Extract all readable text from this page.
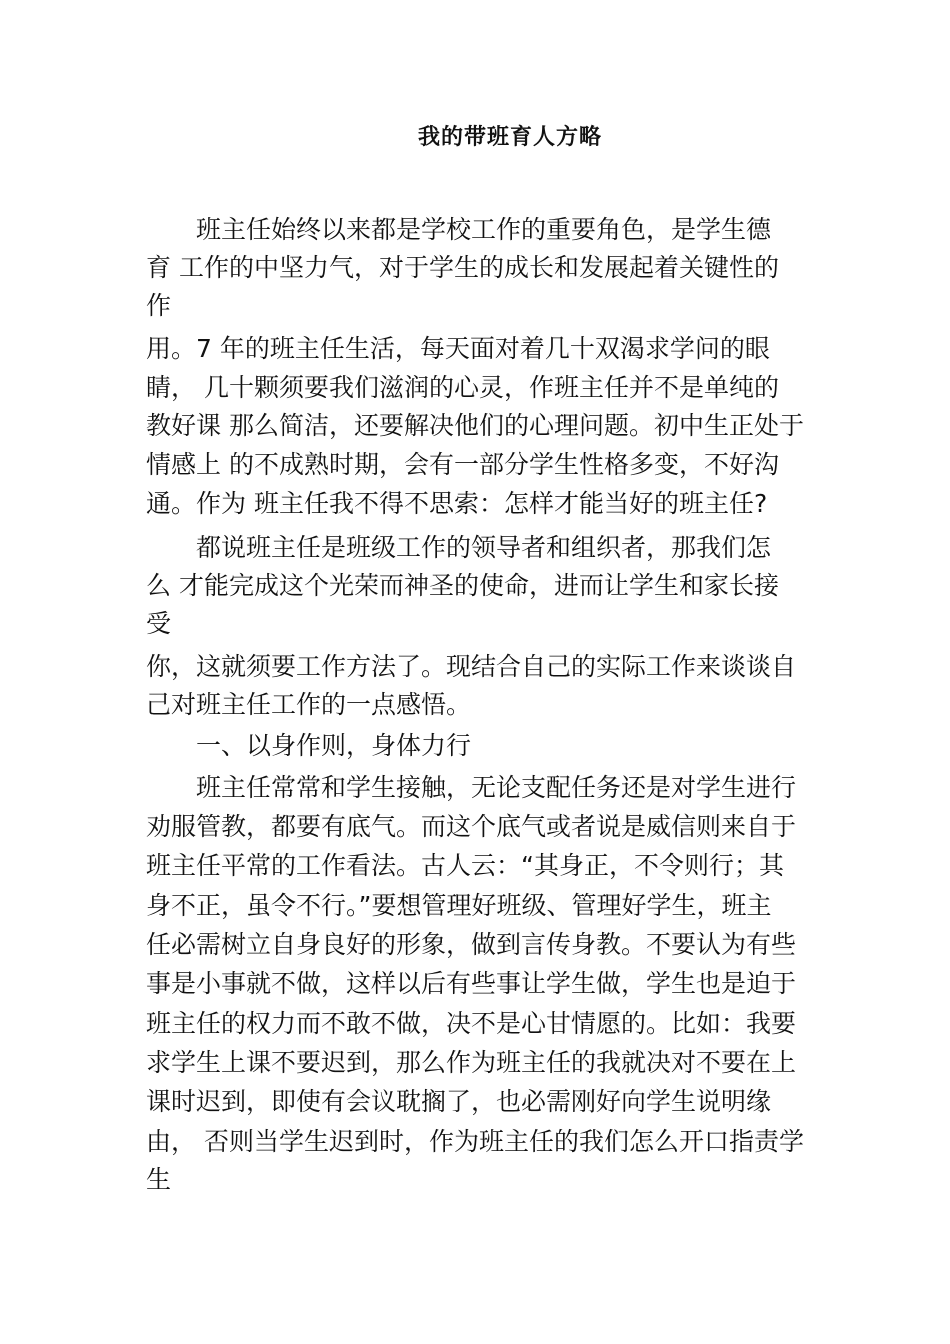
我的带班育人方略
班主任始终以来都是学校工作的重要角色，是学生德
育 工作的中坚力气，对于学生的成长和发展起着关键性的
作
用。7 年的班主任生活，每天面对着几十双渴求学问的眼
睛， 几十颗须要我们滋润的心灵，作班主任并不是单纯的
教好课 那么简洁，还要解决他们的心理问题。初中生正处于
情感上 的不成熟时期，会有一部分学生性格多变，不好沟
通。作为 班主任我不得不思索：怎样才能当好的班主任?
都说班主任是班级工作的领导者和组织者，那我们怎
么 才能完成这个光荣而神圣的使命，进而让学生和家长接
受
你，这就须要工作方法了。现结合自己的实际工作来谈谈自
己对班主任工作的一点感悟。
一、以身作则，身体力行
班主任常常和学生接触，无论支配任务还是对学生进行
劝服管教，都要有底气。而这个底气或者说是威信则来自于
班主任平常的工作看法。古人云：“其身正，不令则行；其
身不正，虽令不行。”要想管理好班级、管理好学生，班主
任必需树立自身良好的形象，做到言传身教。不要认为有些
事是小事就不做，这样以后有些事让学生做，学生也是迫于
班主任的权力而不敢不做，决不是心甘情愿的。比如：我要
求学生上课不要迟到，那么作为班主任的我就决对不要在上
课时迟到，即使有会议耽搁了，也必需刚好向学生说明缘
由， 否则当学生迟到时，作为班主任的我们怎么开口指责学
生
